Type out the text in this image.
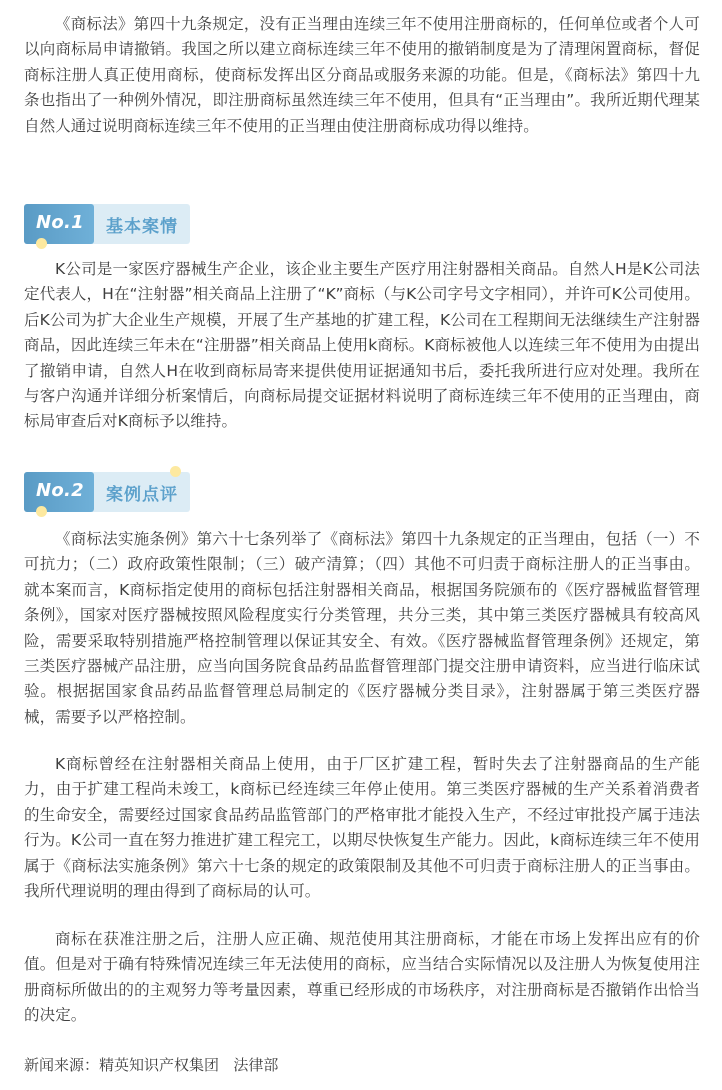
《商标法》第四十九条规定，没有正当理由连续三年不使用注册商标的，任何单位或者个人可以向商标局申请撤销。我国之所以建立商标连续三年不使用的撤销制度是为了清理闲置商标，督促商标注册人真正使用商标，使商标发挥出区分商品或服务来源的功能。但是，《商标法》第四十九条也指出了一种例外情况，即注册商标虽然连续三年不使用，但具有“正当理由”。我所近期代理某自然人通过说明商标连续三年不使用的正当理由使注册商标成功得以维持。

No.1 基本案情

K公司是一家医疗器械生产企业，该企业主要生产医疗用注射器相关商品。自然人H是K公司法定代表人，H在“注射器”相关商品上注册了“K”商标（与K公司字号文字相同），并许可K公司使用。后K公司为扩大企业生产规模，开展了生产基地的扩建工程，K公司在工程期间无法继续生产注射器商品，因此连续三年未在“注册器”相关商品上使用k商标。K商标被他人以连续三年不使用为由提出了撤销申请，自然人H在收到商标局寄来提供使用证据通知书后，委托我所进行应对处理。我所在与客户沟通并详细分析案情后，向商标局提交证据材料说明了商标连续三年不使用的正当理由，商标局审查后对K商标予以维持。

No.2 案例点评

《商标法实施条例》第六十七条列举了《商标法》第四十九条规定的正当理由，包括（一）不可抗力；（二）政府政策性限制；（三）破产清算；（四）其他不可归责于商标注册人的正当事由。就本案而言，K商标指定使用的商标包括注射器相关商品，根据国务院颁布的《医疗器械监督管理条例》，国家对医疗器械按照风险程度实行分类管理，共分三类，其中第三类医疗器械具有较高风险，需要采取特别措施严格控制管理以保证其安全、有效。《医疗器械监督管理条例》还规定，第三类医疗器械产品注册，应当向国务院食品药品监督管理部门提交注册申请资料，应当进行临床试验。根据据国家食品药品监督管理总局制定的《医疗器械分类目录》，注射器属于第三类医疗器械，需要予以严格控制。

K商标曾经在注射器相关商品上使用，由于厂区扩建工程，暂时失去了注射器商品的生产能力，由于扩建工程尚未竣工，k商标已经连续三年停止使用。第三类医疗器械的生产关系着消费者的生命安全，需要经过国家食品药品监管部门的严格审批才能投入生产，不经过审批投产属于违法行为。K公司一直在努力推进扩建工程完工，以期尽快恢复生产能力。因此，k商标连续三年不使用属于《商标法实施条例》第六十七条的规定的政策限制及其他不可归责于商标注册人的正当事由。我所代理说明的理由得到了商标局的认可。

商标在获准注册之后，注册人应正确、规范使用其注册商标，才能在市场上发挥出应有的价值。但是对于确有特殊情况连续三年无法使用的商标，应当结合实际情况以及注册人为恢复使用注册商标所做出的的主观努力等考量因素，尊重已经形成的市场秩序，对注册商标是否撤销作出恰当的决定。

新闻来源：精英知识产权集团 法律部
